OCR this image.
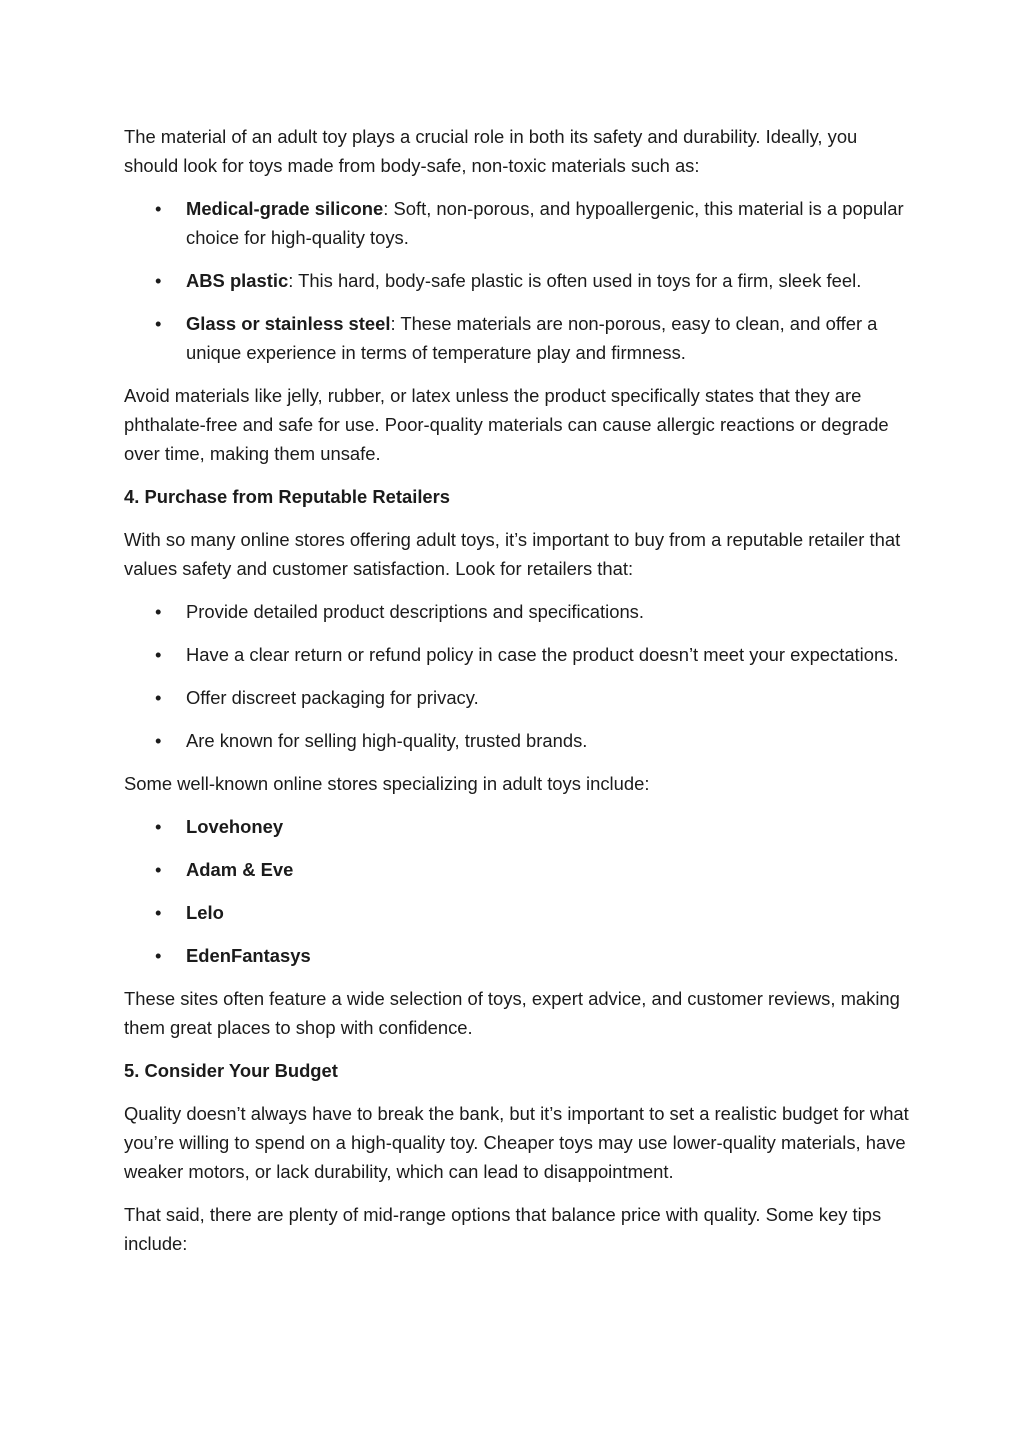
The material of an adult toy plays a crucial role in both its safety and durability. Ideally, you should look for toys made from body-safe, non-toxic materials such as:

• Medical-grade silicone: Soft, non-porous, and hypoallergenic, this material is a popular choice for high-quality toys.
• ABS plastic: This hard, body-safe plastic is often used in toys for a firm, sleek feel.
• Glass or stainless steel: These materials are non-porous, easy to clean, and offer a unique experience in terms of temperature play and firmness.

Avoid materials like jelly, rubber, or latex unless the product specifically states that they are phthalate-free and safe for use. Poor-quality materials can cause allergic reactions or degrade over time, making them unsafe.

4. Purchase from Reputable Retailers

With so many online stores offering adult toys, it’s important to buy from a reputable retailer that values safety and customer satisfaction. Look for retailers that:

• Provide detailed product descriptions and specifications.
• Have a clear return or refund policy in case the product doesn’t meet your expectations.
• Offer discreet packaging for privacy.
• Are known for selling high-quality, trusted brands.

Some well-known online stores specializing in adult toys include:

• Lovehoney
• Adam & Eve
• Lelo
• EdenFantasys

These sites often feature a wide selection of toys, expert advice, and customer reviews, making them great places to shop with confidence.

5. Consider Your Budget

Quality doesn’t always have to break the bank, but it’s important to set a realistic budget for what you’re willing to spend on a high-quality toy. Cheaper toys may use lower-quality materials, have weaker motors, or lack durability, which can lead to disappointment.

That said, there are plenty of mid-range options that balance price with quality. Some key tips include:
